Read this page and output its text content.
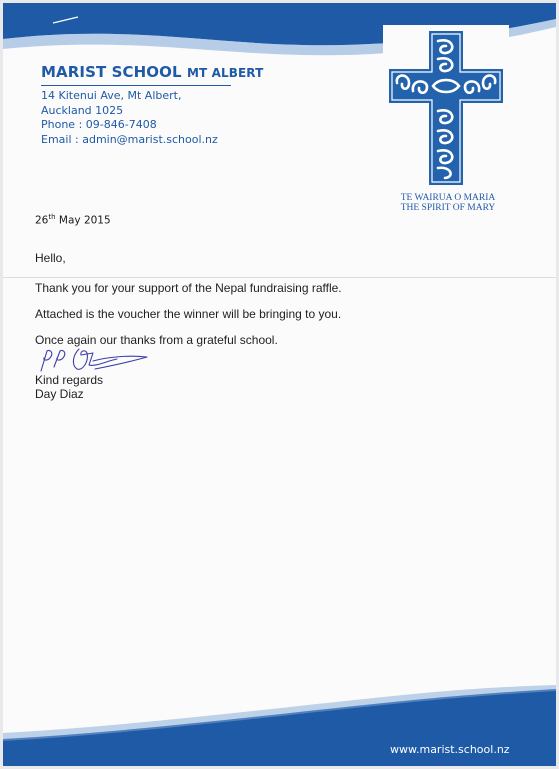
MARIST SCHOOL MT ALBERT
14 Kitenui Ave, Mt Albert,
Auckland 1025
Phone : 09-846-7408
Email : admin@marist.school.nz
TE WAIRUA O MARIA
THE SPIRIT OF MARY
26th May 2015
Hello,
Thank you for your support of the Nepal fundraising raffle.
Attached is the voucher the winner will be bringing to you.
Once again our thanks from a grateful school.
Kind regards
Day Diaz
www.marist.school.nz
